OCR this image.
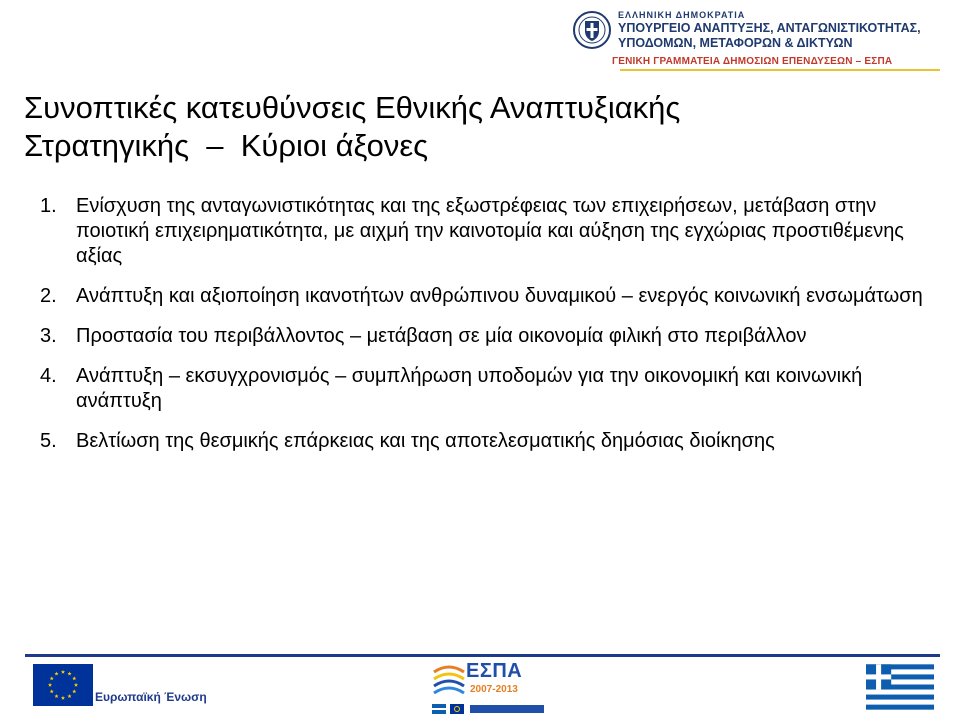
ΕΛΛΗΝΙΚΗ ΔΗΜΟΚΡΑΤΙΑ
ΥΠΟΥΡΓΕΙΟ ΑΝΑΠΤΥΞΗΣ, ΑΝΤΑΓΩΝΙΣΤΙΚΟΤΗΤΑΣ,
ΥΠΟΔΟΜΩΝ, ΜΕΤΑΦΟΡΩΝ & ΔΙΚΤΥΩΝ
ΓΕΝΙΚΗ ΓΡΑΜΜΑΤΕΙΑ ΔΗΜΟΣΙΩΝ ΕΠΕΝΔΥΣΕΩΝ – ΕΣΠΑ
Συνοπτικές κατευθύνσεις Εθνικής Αναπτυξιακής
Στρατηγικής  –  Κύριοι άξονες
1. Ενίσχυση της ανταγωνιστικότητας και της εξωστρέφειας των επιχειρήσεων, μετάβαση στην ποιοτική επιχειρηματικότητα, με αιχμή την καινοτομία και αύξηση της εγχώριας προστιθέμενης αξίας
2. Ανάπτυξη και αξιοποίηση ικανοτήτων ανθρώπινου δυναμικού – ενεργός κοινωνική ενσωμάτωση
3. Προστασία του περιβάλλοντος – μετάβαση σε μία οικονομία φιλική στο περιβάλλον
4. Ανάπτυξη – εκσυγχρονισμός – συμπλήρωση υποδομών για την οικονομική και κοινωνική ανάπτυξη
5. Βελτίωση της θεσμικής επάρκειας και της αποτελεσματικής δημόσιας διοίκησης
Ευρωπαϊκή Ένωση
ΕΣΠΑ
2007-2013
